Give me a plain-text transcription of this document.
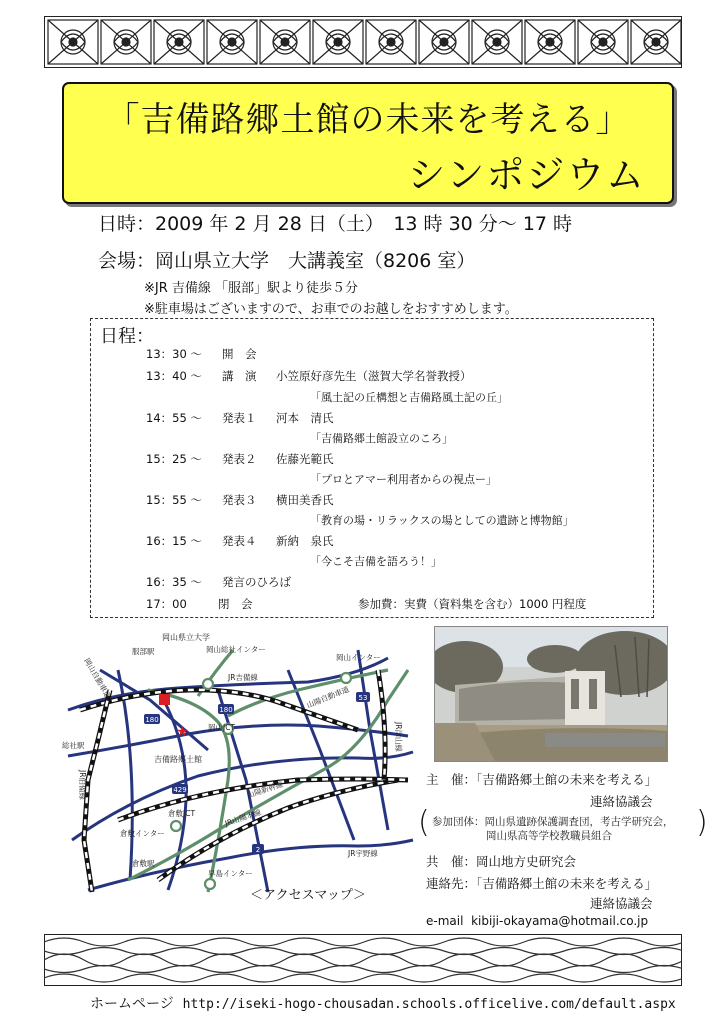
「吉備路郷土館の未来を考える」
シンポジウム
日時：2009 年 2 月 28 日（土）　13 時 30 分～ 17 時
会場：岡山県立大学　大講義室（8206 室）
※JR 吉備線 「服部」駅より徒歩５分
※駐車場はございますので、お車でのお越しをおすすめします。
日程：
13：30 ～ 開　会
13：40 ～ 講　演 小笠原好彦先生（滋賀大学名誉教授）
「風土記の丘構想と吉備路風土記の丘」
14：55 ～ 発表１ 河本　清氏
「吉備路郷土館設立のころ」
15：25 ～ 発表２ 佐藤光範氏
「プロとアマー利用者からの視点ー」
15：55 ～ 発表３ 横田美香氏
「教育の場・リラックスの場としての遺跡と博物館」
16：15 ～ 発表４ 新納　泉氏
「今こそ吉備を語ろう！」
16：35 ～ 発言のひろば
17：00	閉　会	参加費：実費（資料集を含む）1000 円程度
180
180
53
429
2
★
岡山県立大学
服部駅	岡山総社インター
JR吉備線
岡山インター
山陽自動車道
岡山自動車道
岡山JCT
総社駅
JR伯備線
吉備路郷土館
山陽新幹線
倉敷JCT
倉敷インター
倉敷駅
JR山陽本線
JR宇野線
早島インター
JR津山線
＜アクセスマップ＞
主　催：「吉備路郷土館の未来を考える」
連絡協議会
(	)
参加団体：岡山県遺跡保護調査団，考古学研究会，
岡山県高等学校教職員組合
共　催：岡山地方史研究会
連絡先：「吉備路郷土館の未来を考える」
連絡協議会
e-mail kibiji-okayama@hotmail.co.jp
ホームページ http://iseki-hogo-chousadan.schools.officelive.com/default.aspx
